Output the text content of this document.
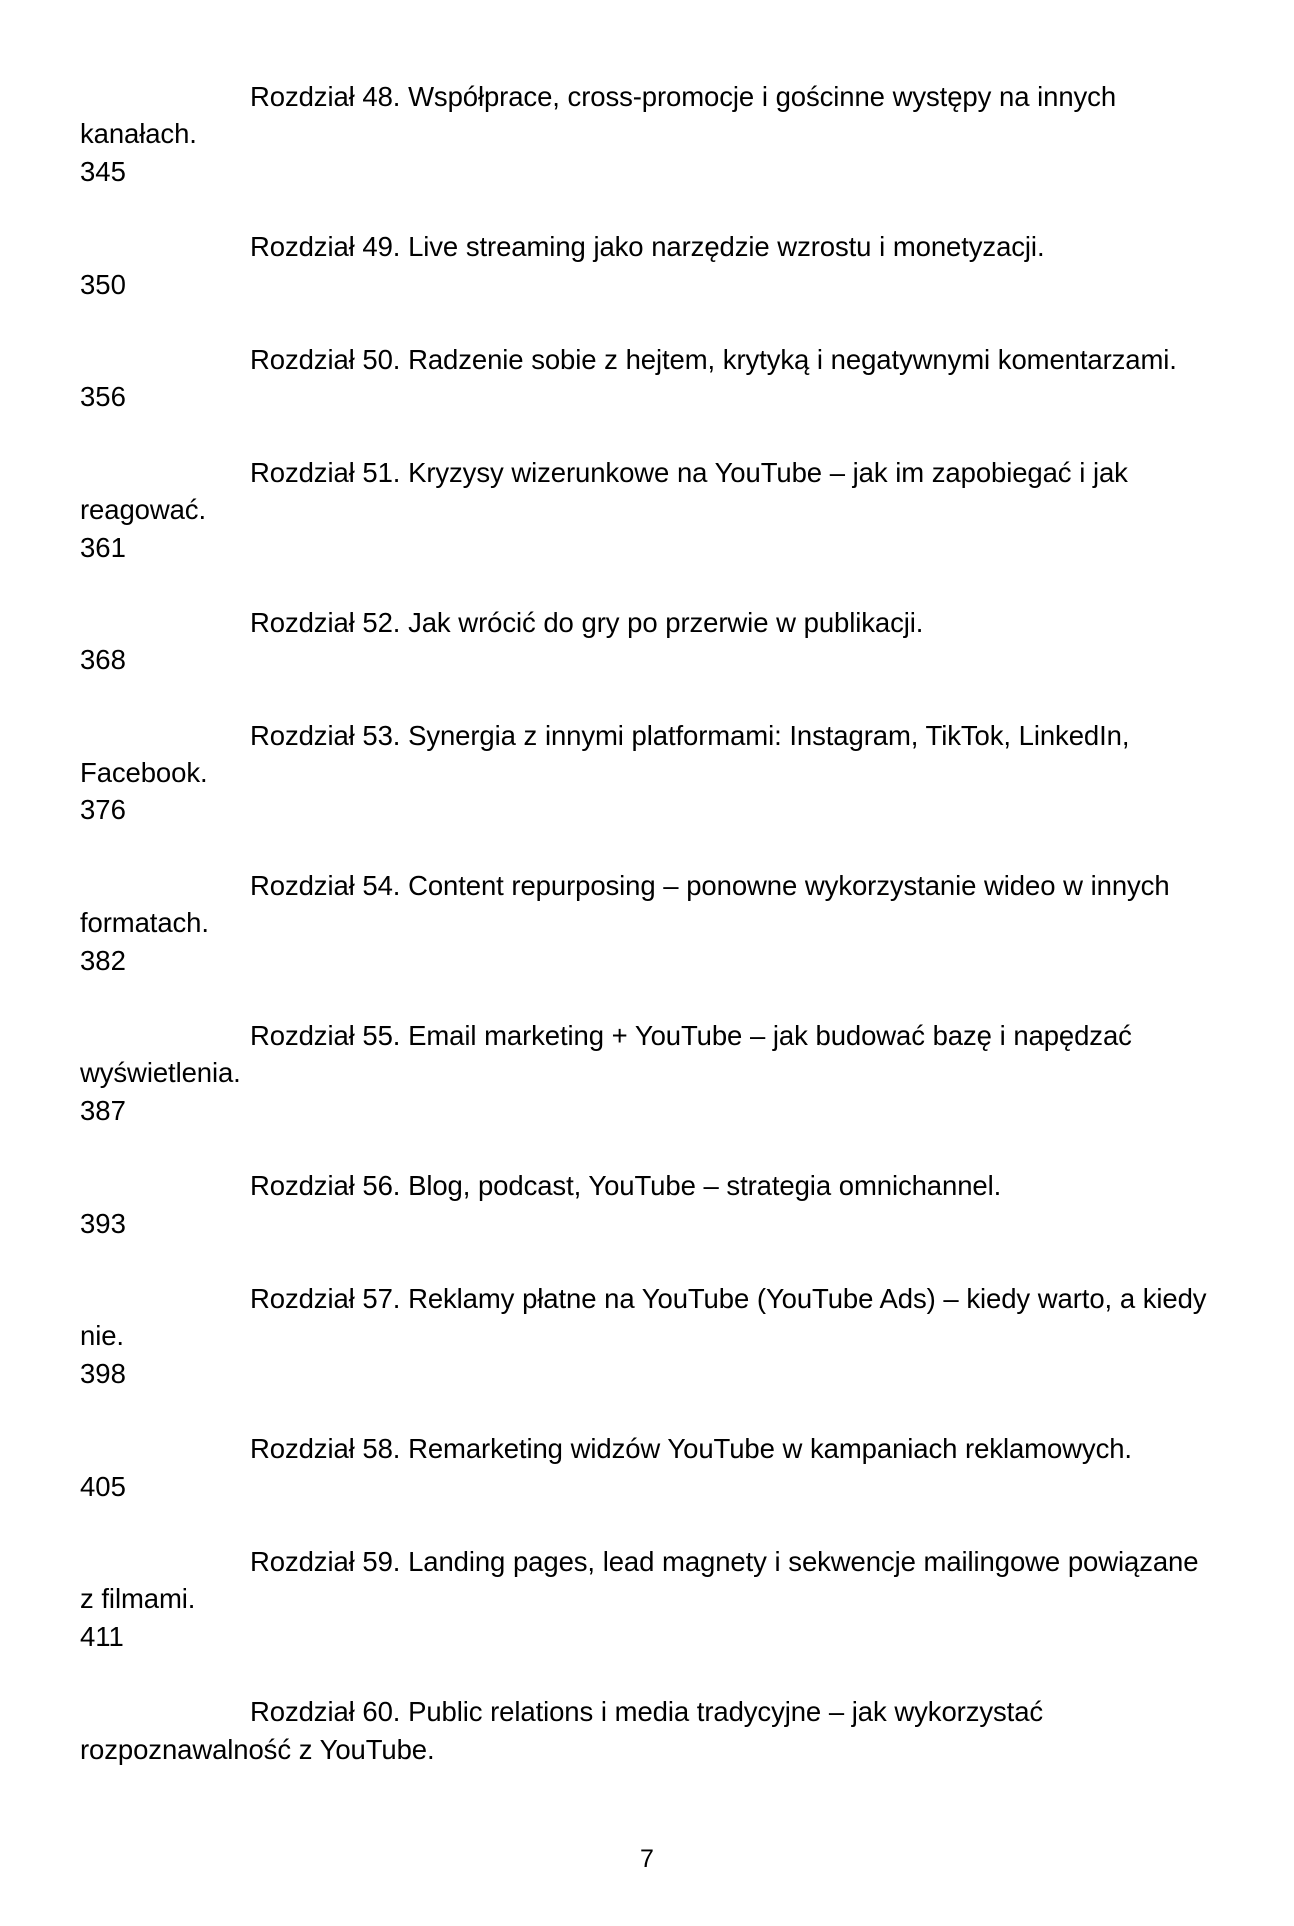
Rozdział 48. Współprace, cross-promocje i gościnne występy na innych kanałach.
345
Rozdział 49. Live streaming jako narzędzie wzrostu i monetyzacji.
350
Rozdział 50. Radzenie sobie z hejtem, krytyką i negatywnymi komentarzami.
356
Rozdział 51. Kryzysy wizerunkowe na YouTube – jak im zapobiegać i jak reagować.
361
Rozdział 52. Jak wrócić do gry po przerwie w publikacji.
368
Rozdział 53. Synergia z innymi platformami: Instagram, TikTok, LinkedIn, Facebook.
376
Rozdział 54. Content repurposing – ponowne wykorzystanie wideo w innych formatach.
382
Rozdział 55. Email marketing + YouTube – jak budować bazę i napędzać wyświetlenia.
387
Rozdział 56. Blog, podcast, YouTube – strategia omnichannel.
393
Rozdział 57. Reklamy płatne na YouTube (YouTube Ads) – kiedy warto, a kiedy nie.
398
Rozdział 58. Remarketing widzów YouTube w kampaniach reklamowych.
405
Rozdział 59. Landing pages, lead magnety i sekwencje mailingowe powiązane z filmami.
411
Rozdział 60. Public relations i media tradycyjne – jak wykorzystać rozpoznawalność z YouTube.
7
